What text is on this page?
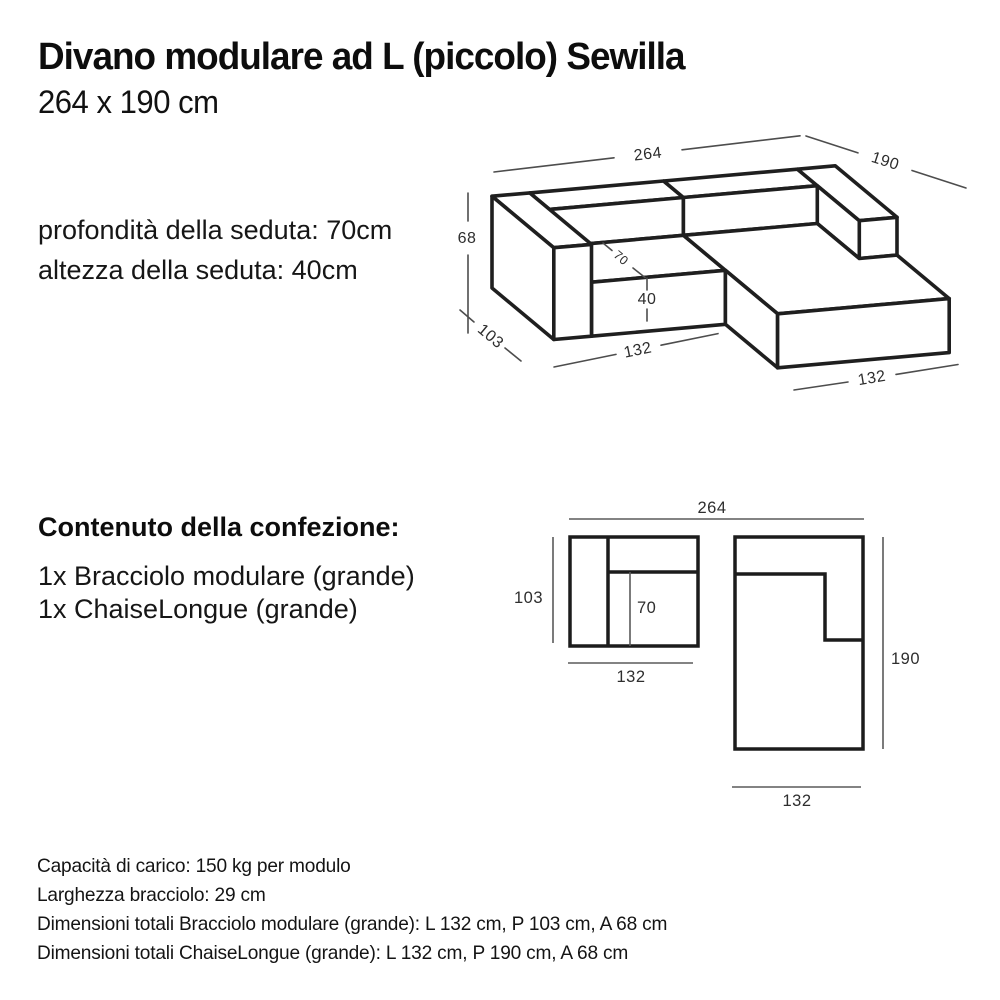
Divano modulare ad L (piccolo) Sewilla
264 x 190 cm
profondità della seduta: 70cm
altezza della seduta: 40cm
264	190
68
103
70
40
132
132
Contenuto della confezione:
1x Bracciolo modulare (grande)
1x ChaiseLongue (grande)
264
103
70
132
190
132
Capacità di carico: 150 kg per modulo
Larghezza bracciolo: 29 cm
Dimensioni totali Bracciolo modulare (grande): L 132 cm, P 103 cm, A 68 cm
Dimensioni totali ChaiseLongue (grande): L 132 cm, P 190 cm, A 68 cm
